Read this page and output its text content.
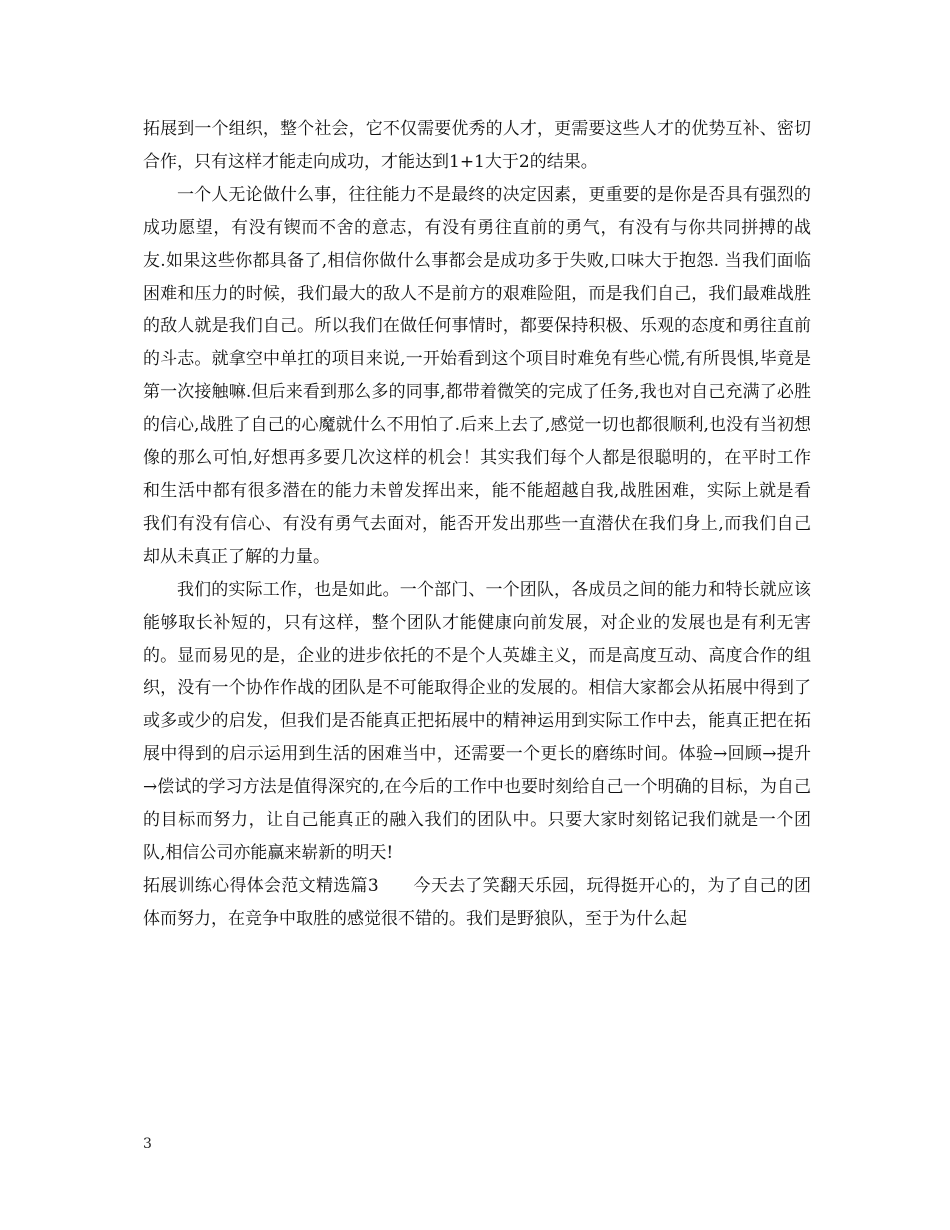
拓展到一个组织，整个社会，它不仅需要优秀的人才，更需要这些人才的优势互补、密切合作，只有这样才能走向成功，才能达到1+1大于2的结果。

一个人无论做什么事，往往能力不是最终的决定因素，更重要的是你是否具有强烈的成功愿望，有没有锲而不舍的意志，有没有勇往直前的勇气，有没有与你共同拼搏的战友.如果这些你都具备了,相信你做什么事都会是成功多于失败,口味大于抱怨. 当我们面临困难和压力的时候，我们最大的敌人不是前方的艰难险阻，而是我们自己，我们最难战胜的敌人就是我们自己。所以我们在做任何事情时，都要保持积极、乐观的态度和勇往直前的斗志。就拿空中单扛的项目来说,一开始看到这个项目时难免有些心慌,有所畏惧,毕竟是第一次接触嘛.但后来看到那么多的同事,都带着微笑的完成了任务,我也对自己充满了必胜的信心,战胜了自己的心魔就什么不用怕了.后来上去了,感觉一切也都很顺利,也没有当初想像的那么可怕,好想再多要几次这样的机会！其实我们每个人都是很聪明的，在平时工作和生活中都有很多潜在的能力未曾发挥出来，能不能超越自我,战胜困难，实际上就是看我们有没有信心、有没有勇气去面对，能否开发出那些一直潜伏在我们身上,而我们自己却从未真正了解的力量。

我们的实际工作，也是如此。一个部门、一个团队，各成员之间的能力和特长就应该能够取长补短的，只有这样，整个团队才能健康向前发展，对企业的发展也是有利无害的。显而易见的是，企业的进步依托的不是个人英雄主义，而是高度互动、高度合作的组织，没有一个协作作战的团队是不可能取得企业的发展的。相信大家都会从拓展中得到了或多或少的启发，但我们是否能真正把拓展中的精神运用到实际工作中去，能真正把在拓展中得到的启示运用到生活的困难当中，还需要一个更长的磨练时间。体验→回顾→提升→偿试的学习方法是值得深究的,在今后的工作中也要时刻给自己一个明确的目标，为自己的目标而努力，让自己能真正的融入我们的团队中。只要大家时刻铭记我们就是一个团队,相信公司亦能赢来崭新的明天!

拓展训练心得体会范文精选篇3　　今天去了笑翻天乐园，玩得挺开心的，为了自己的团体而努力，在竞争中取胜的感觉很不错的。我们是野狼队，至于为什么起

3
